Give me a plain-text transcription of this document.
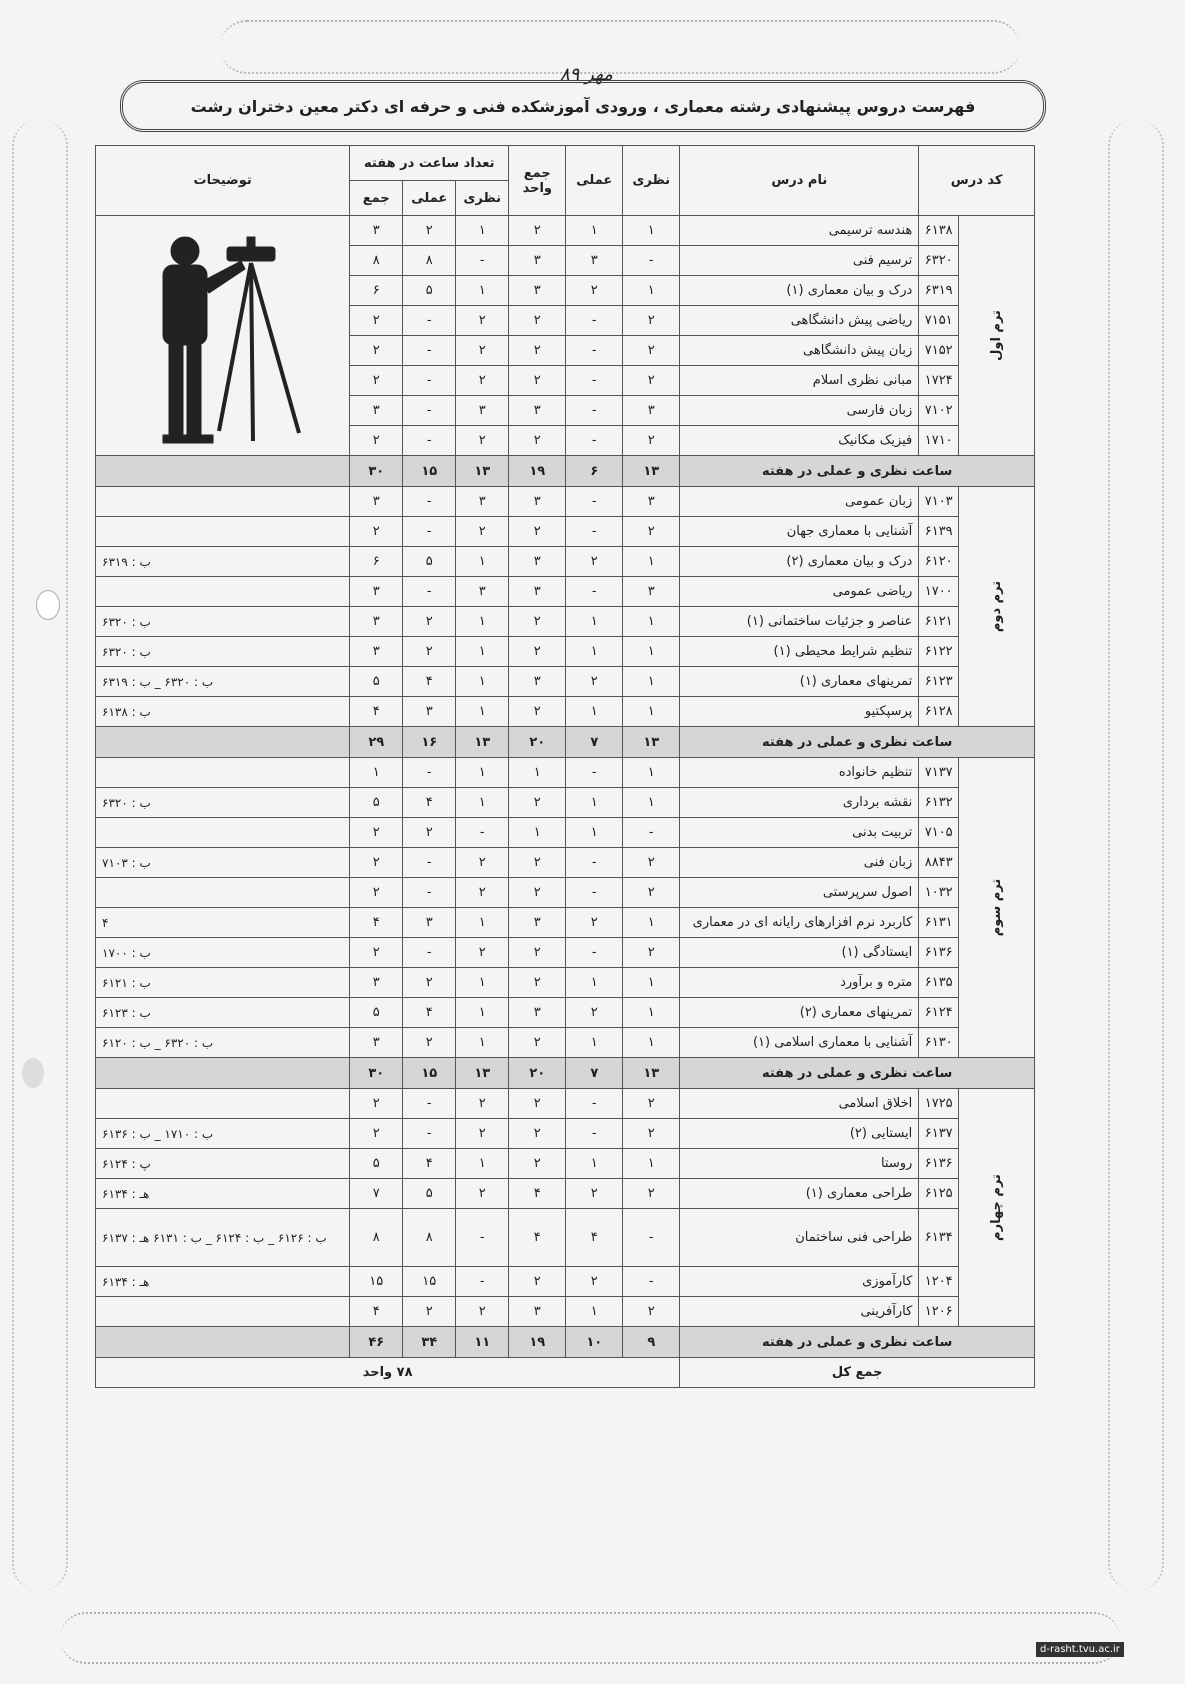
مهر ۸۹
فهرست دروس پیشنهادی رشته معماری ، ورودی آموزشکده فنی و حرفه ای دکتر معین دختران رشت
کد درس		نام درس	نظری	عملی	جمع واحد	تعداد ساعت در هفته			توضیحات
						نظری	عملی	جمع	
ترم اول	۶۱۳۸	هندسه ترسیمی	۱	۱	۲	۱	۲	۳	

	۶۳۲۰	ترسیم فنی	-	۳	۳	-	۸	۸	
	۶۳۱۹	درک و بیان معماری (۱)	۱	۲	۳	۱	۵	۶	
	۷۱۵۱	ریاضی پیش دانشگاهی	۲	-	۲	۲	-	۲	
	۷۱۵۲	زبان پیش دانشگاهی	۲	-	۲	۲	-	۲	
	۱۷۲۴	مبانی نظری اسلام	۲	-	۲	۲	-	۲	
	۷۱۰۲	زبان فارسی	۳	-	۳	۳	-	۳	
	۱۷۱۰	فیزیک مکانیک	۲	-	۲	۲	-	۲	
ساعت نظری و عملی در هفته			۱۳	۶	۱۹	۱۳	۱۵	۳۰	
ترم دوم	۷۱۰۳	زبان عمومی	۳	-	۳	۳	-	۳	
	۶۱۳۹	آشنایی با معماری جهان	۲	-	۲	۲	-	۲	
	۶۱۲۰	درک و بیان معماری (۲)	۱	۲	۳	۱	۵	۶	ب : ۶۳۱۹
	۱۷۰۰	ریاضی عمومی	۳	-	۳	۳	-	۳	
	۶۱۲۱	عناصر و جزئیات ساختمانی (۱)	۱	۱	۲	۱	۲	۳	ب : ۶۳۲۰
	۶۱۲۲	تنظیم شرایط محیطی (۱)	۱	۱	۲	۱	۲	۳	ب : ۶۳۲۰
	۶۱۲۳	تمرینهای معماری (۱)	۱	۲	۳	۱	۴	۵	ب : ۶۳۲۰ _ ب : ۶۳۱۹
	۶۱۲۸	پرسپکتیو	۱	۱	۲	۱	۳	۴	ب : ۶۱۳۸
ساعت نظری و عملی در هفته			۱۳	۷	۲۰	۱۳	۱۶	۲۹	
ترم سوم	۷۱۳۷	تنظیم خانواده	۱	-	۱	۱	-	۱	
	۶۱۳۲	نقشه برداری	۱	۱	۲	۱	۴	۵	ب : ۶۳۲۰
	۷۱۰۵	تربیت بدنی	-	۱	۱	-	۲	۲	
	۸۸۴۳	زبان فنی	۲	-	۲	۲	-	۲	ب : ۷۱۰۳
	۱۰۳۲	اصول سرپرستی	۲	-	۲	۲	-	۲	
	۶۱۳۱	کاربرد نرم افزارهای رایانه ای در معماری	۱	۲	۳	۱	۳	۴	۴
	۶۱۳۶	ایستادگی (۱)	۲	-	۲	۲	-	۲	ب : ۱۷۰۰
	۶۱۳۵	متره و برآورد	۱	۱	۲	۱	۲	۳	ب : ۶۱۲۱
	۶۱۲۴	تمرینهای معماری (۲)	۱	۲	۳	۱	۴	۵	ب : ۶۱۲۳
	۶۱۳۰	آشنایی با معماری اسلامی (۱)	۱	۱	۲	۱	۲	۳	ب : ۶۳۲۰ _ ب : ۶۱۲۰
ساعت نظری و عملی در هفته			۱۳	۷	۲۰	۱۳	۱۵	۳۰	
ترم چهارم	۱۷۲۵	اخلاق اسلامی	۲	-	۲	۲	-	۲	
	۶۱۳۷	ایستایی (۲)	۲	-	۲	۲	-	۲	ب : ۱۷۱۰ _ ب : ۶۱۳۶
	۶۱۳۶	روستا	۱	۱	۲	۱	۴	۵	پ : ۶۱۲۴
	۶۱۲۵	طراحی معماری (۱)	۲	۲	۴	۲	۵	۷	هـ : ۶۱۳۴
	۶۱۳۴	طراحی فنی ساختمان	-	۴	۴	-	۸	۸	ب : ۶۱۲۶ _ ب : ۶۱۲۴ _ ب : ۶۱۳۱ هـ : ۶۱۳۷
	۱۲۰۴	کارآموزی	-	۲	۲	-	۱۵	۱۵	هـ : ۶۱۳۴
	۱۲۰۶	کارآفرینی	۲	۱	۳	۲	۲	۴	
ساعت نظری و عملی در هفته			۹	۱۰	۱۹	۱۱	۳۴	۴۶	
جمع کل			۷۸ واحد						
d-rasht.tvu.ac.ir
